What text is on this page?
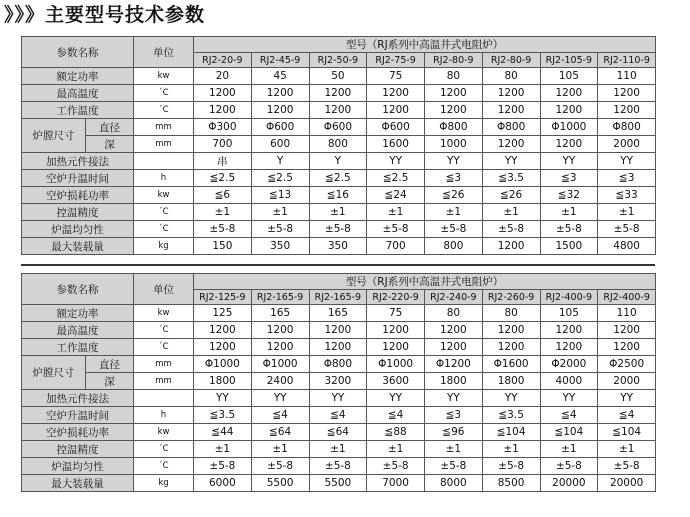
》》》主要型号技术参数
参数名称		单位	型号（RJ系列中高温井式电阻炉）							
			RJ2-20-9	RJ2-45-9	RJ2-50-9	RJ2-75-9	RJ2-80-9	RJ2-80-9	RJ2-105-9	RJ2-110-9
额定功率		kw	20	45	50	75	80	80	105	110
最高温度		´C	1200	1200	1200	1200	1200	1200	1200	1200
工作温度		´C	1200	1200	1200	1200	1200	1200	1200	1200
炉膛尺寸	直径	mm	Φ300	Φ600	Φ600	Φ600	Φ800	Φ800	Φ1000	Φ800
	深	mm	700	600	800	1600	1000	1200	1200	2000
加热元件接法			串	Y	Y	YY	YY	YY	YY	YY
空炉升温时间		h	≦2.5	≦2.5	≦2.5	≦2.5	≦3	≦3.5	≦3	≦3
空炉损耗功率		kw	≦6	≦13	≦16	≦24	≦26	≦26	≦32	≦33
控温精度		´C	±1	±1	±1	±1	±1	±1	±1	±1
炉温均匀性		´C	±5-8	±5-8	±5-8	±5-8	±5-8	±5-8	±5-8	±5-8
最大装载量		kg	150	350	350	700	800	1200	1500	4800
参数名称		单位	型号（RJ系列中高温井式电阻炉）							
			RJ2-125-9	RJ2-165-9	RJ2-165-9	RJ2-220-9	RJ2-240-9	RJ2-260-9	RJ2-400-9	RJ2-400-9
额定功率		kw	125	165	165	75	80	80	105	110
最高温度		´C	1200	1200	1200	1200	1200	1200	1200	1200
工作温度		´C	1200	1200	1200	1200	1200	1200	1200	1200
炉膛尺寸	直径	mm	Φ1000	Φ1000	Φ800	Φ1000	Φ1200	Φ1600	Φ2000	Φ2500
	深	mm	1800	2400	3200	3600	1800	1800	4000	2000
加热元件接法			YY	YY	YY	YY	YY	YY	YY	YY
空炉升温时间		h	≦3.5	≦4	≦4	≦4	≦3	≦3.5	≦4	≦4
空炉损耗功率		kw	≦44	≦64	≦64	≦88	≦96	≦104	≦104	≦104
控温精度		´C	±1	±1	±1	±1	±1	±1	±1	±1
炉温均匀性		´C	±5-8	±5-8	±5-8	±5-8	±5-8	±5-8	±5-8	±5-8
最大装载量		kg	6000	5500	5500	7000	8000	8500	20000	20000
